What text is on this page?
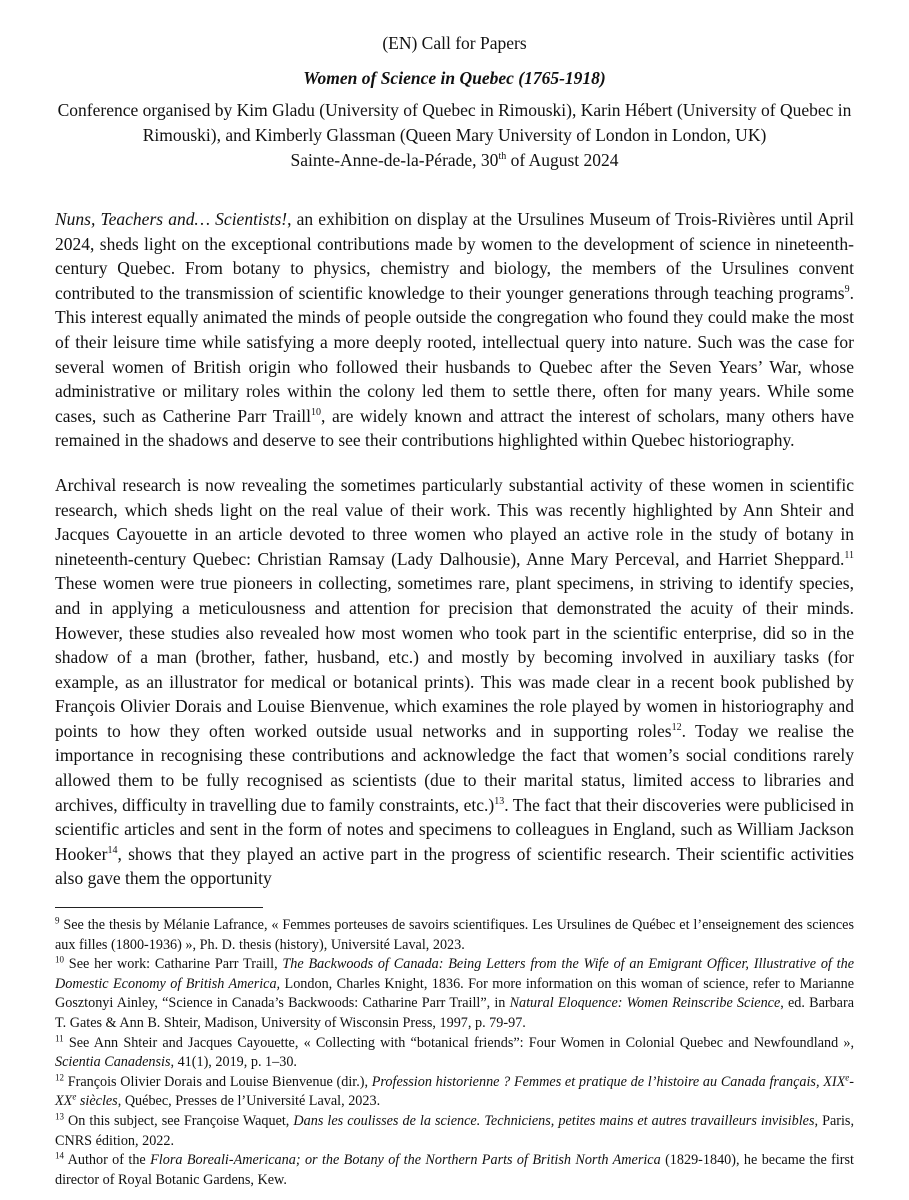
(EN) Call for Papers

Women of Science in Quebec (1765-1918)

Conference organised by Kim Gladu (University of Quebec in Rimouski), Karin Hébert (University of Quebec in Rimouski), and Kimberly Glassman (Queen Mary University of London in London, UK)
Sainte-Anne-de-la-Pérade, 30th of August 2024

Nuns, Teachers and… Scientists!, an exhibition on display at the Ursulines Museum of Trois-Rivières until April 2024, sheds light on the exceptional contributions made by women to the development of science in nineteenth-century Quebec. From botany to physics, chemistry and biology, the members of the Ursulines convent contributed to the transmission of scientific knowledge to their younger generations through teaching programs$^9$. This interest equally animated the minds of people outside the congregation who found they could make the most of their leisure time while satisfying a more deeply rooted, intellectual query into nature. Such was the case for several women of British origin who followed their husbands to Quebec after the Seven Years’ War, whose administrative or military roles within the colony led them to settle there, often for many years. While some cases, such as Catherine Parr Traill$^{10}$, are widely known and attract the interest of scholars, many others have remained in the shadows and deserve to see their contributions highlighted within Quebec historiography.

Archival research is now revealing the sometimes particularly substantial activity of these women in scientific research, which sheds light on the real value of their work. This was recently highlighted by Ann Shteir and Jacques Cayouette in an article devoted to three women who played an active role in the study of botany in nineteenth-century Quebec: Christian Ramsay (Lady Dalhousie), Anne Mary Perceval, and Harriet Sheppard.$^{11}$ These women were true pioneers in collecting, sometimes rare, plant specimens, in striving to identify species, and in applying a meticulousness and attention for precision that demonstrated the acuity of their minds. However, these studies also revealed how most women who took part in the scientific enterprise, did so in the shadow of a man (brother, father, husband, etc.) and mostly by becoming involved in auxiliary tasks (for example, as an illustrator for medical or botanical prints). This was made clear in a recent book published by François Olivier Dorais and Louise Bienvenue, which examines the role played by women in historiography and points to how they often worked outside usual networks and in supporting roles$^{12}$. Today we realise the importance in recognising these contributions and acknowledge the fact that women’s social conditions rarely allowed them to be fully recognised as scientists (due to their marital status, limited access to libraries and archives, difficulty in travelling due to family constraints, etc.)$^{13}$. The fact that their discoveries were publicised in scientific articles and sent in the form of notes and specimens to colleagues in England, such as William Jackson Hooker$^{14}$, shows that they played an active part in the progress of scientific research. Their scientific activities also gave them the opportunity

$^9$ See the thesis by Mélanie Lafrance, « Femmes porteuses de savoirs scientifiques. Les Ursulines de Québec et l’enseignement des sciences aux filles (1800-1936) », Ph. D. thesis (history), Université Laval, 2023.

$^{10}$ See her work: Catharine Parr Traill, The Backwoods of Canada: Being Letters from the Wife of an Emigrant Officer, Illustrative of the Domestic Economy of British America, London, Charles Knight, 1836. For more information on this woman of science, refer to Marianne Gosztonyi Ainley, “Science in Canada’s Backwoods: Catharine Parr Traill”, in Natural Eloquence: Women Reinscribe Science, ed. Barbara T. Gates & Ann B. Shteir, Madison, University of Wisconsin Press, 1997, p. 79-97.

$^{11}$ See Ann Shteir and Jacques Cayouette, « Collecting with “botanical friends”: Four Women in Colonial Quebec and Newfoundland », Scientia Canadensis, 41(1), 2019, p. 1–30.

$^{12}$ François Olivier Dorais and Louise Bienvenue (dir.), Profession historienne ? Femmes et pratique de l’histoire au Canada français, XIXe-XXe siècles, Québec, Presses de l’Université Laval, 2023.

$^{13}$ On this subject, see Françoise Waquet, Dans les coulisses de la science. Techniciens, petites mains et autres travailleurs invisibles, Paris, CNRS édition, 2022.

$^{14}$ Author of the Flora Boreali-Americana; or the Botany of the Northern Parts of British North America (1829-1840), he became the first director of Royal Botanic Gardens, Kew.
